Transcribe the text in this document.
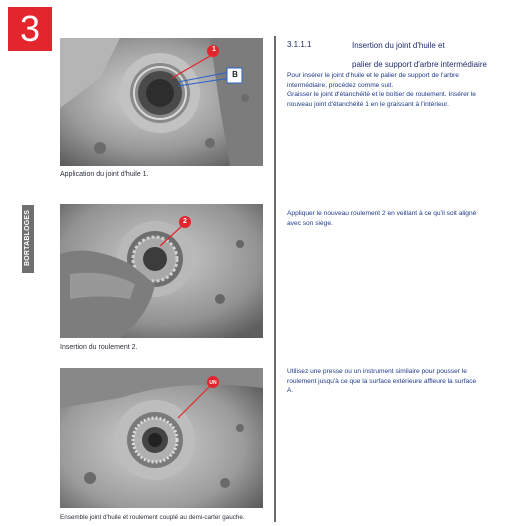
3
BORTABLOGES
1
B
Application du joint d'huile 1.
2
Insertion du roulement 2.
UN
Ensemble joint d'huile et roulement couplé au demi-carter gauche.
3.1.1.1	Insertion du joint d'huile et
palier de support d'arbre intermédiaire
Pour insérer le joint d'huile et le palier de support de l'arbre
intermédiaire, procédez comme suit.
Graisser le joint d'étanchéité et le boîtier de roulement. Insérer le
nouveau joint d'étanchéité 1 en le graissant à l'intérieur.
Appliquer le nouveau roulement 2 en veillant à ce qu'il soit aligné
avec son siège.
Utilisez une presse ou un instrument similaire pour pousser le
roulement jusqu'à ce que la surface extérieure affleure la surface
A.
